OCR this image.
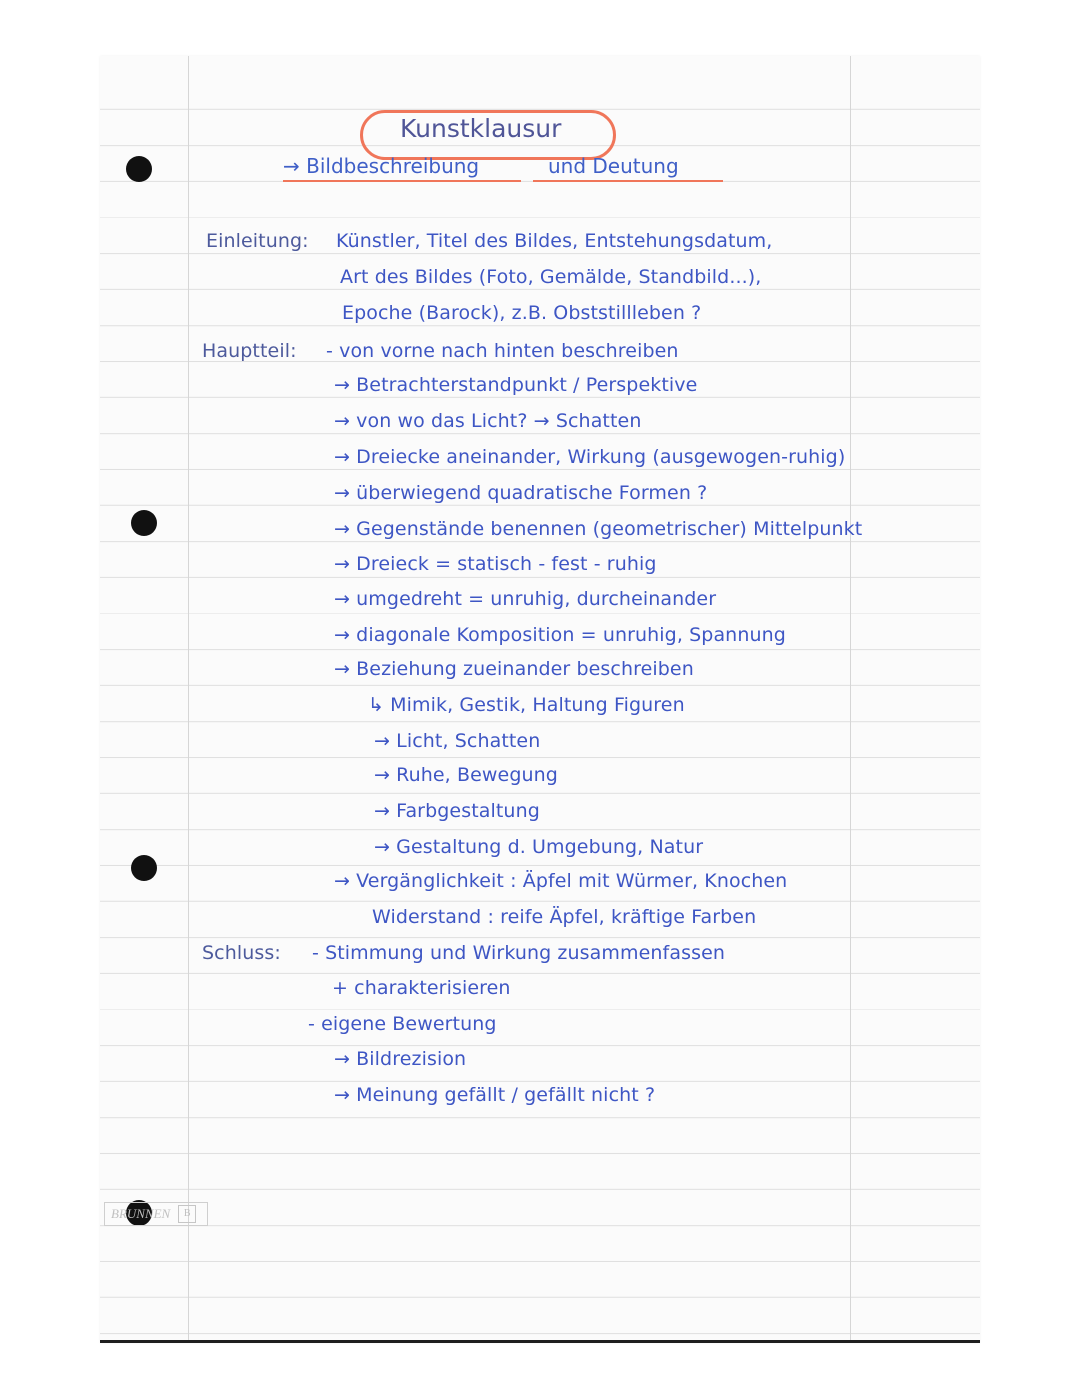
BRUNNEN	B
Kunstklausur
→ Bildbeschreibung	und Deutung
Einleitung:
Hauptteil:
Schluss:
Künstler, Titel des Bildes, Entstehungsdatum,
Art des Bildes (Foto, Gemälde, Standbild...),
Epoche (Barock), z.B. Obststillleben ?
- von vorne nach hinten beschreiben
→ Betrachterstandpunkt / Perspektive
→ von wo das Licht? → Schatten
→ Dreiecke aneinander, Wirkung (ausgewogen-ruhig)
→ überwiegend quadratische Formen ?
→ Gegenstände benennen (geometrischer) Mittelpunkt
→ Dreieck = statisch - fest - ruhig
→ umgedreht = unruhig, durcheinander
→ diagonale Komposition = unruhig, Spannung
→ Beziehung zueinander beschreiben
↳ Mimik, Gestik, Haltung Figuren
→ Licht, Schatten
→ Ruhe, Bewegung
→ Farbgestaltung
→ Gestaltung d. Umgebung, Natur
→ Vergänglichkeit : Äpfel mit Würmer, Knochen
Widerstand : reife Äpfel, kräftige Farben
- Stimmung und Wirkung zusammenfassen
+ charakterisieren
- eigene Bewertung
→ Bildrezision
→ Meinung gefällt / gefällt nicht ?
